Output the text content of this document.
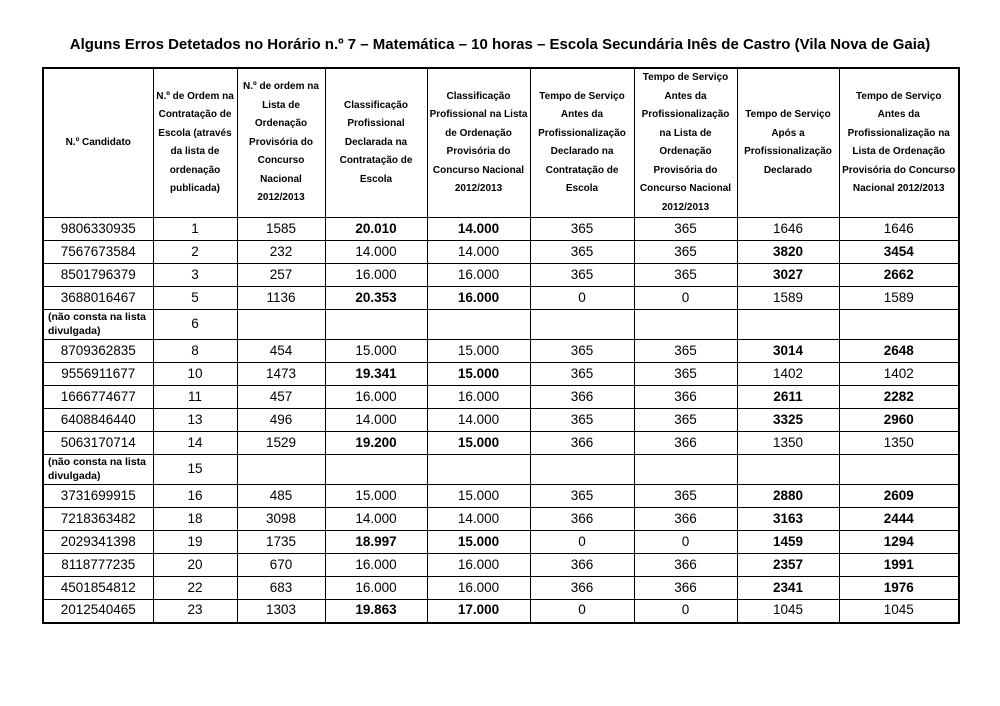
Alguns Erros Detetados no Horário n.º 7 – Matemática – 10 horas – Escola Secundária Inês de Castro (Vila Nova de Gaia)
N.º Candidato	N.º de Ordem na Contratação de Escola (através da lista de ordenação publicada)	N.º de ordem na Lista de Ordenação Provisória do Concurso Nacional 2012/2013	Classificação Profissional Declarada na Contratação de Escola	Classificação Profissional na Lista de Ordenação Provisória do Concurso Nacional 2012/2013	Tempo de Serviço Antes da Profissionalização Declarado na Contratação de Escola	Tempo de Serviço Antes da Profissionalização na Lista de Ordenação Provisória do Concurso Nacional 2012/2013	Tempo de Serviço Após a Profissionalização Declarado	Tempo de Serviço Antes da Profissionalização na Lista de Ordenação Provisória do Concurso Nacional 2012/2013
9806330935	1	1585	20.010	14.000	365	365	1646	1646
7567673584	2	232	14.000	14.000	365	365	3820	3454
8501796379	3	257	16.000	16.000	365	365	3027	2662
3688016467	5	1136	20.353	16.000	0	0	1589	1589
(não consta na lista divulgada)	6							
8709362835	8	454	15.000	15.000	365	365	3014	2648
9556911677	10	1473	19.341	15.000	365	365	1402	1402
1666774677	11	457	16.000	16.000	366	366	2611	2282
6408846440	13	496	14.000	14.000	365	365	3325	2960
5063170714	14	1529	19.200	15.000	366	366	1350	1350
(não consta na lista divulgada)	15							
3731699915	16	485	15.000	15.000	365	365	2880	2609
7218363482	18	3098	14.000	14.000	366	366	3163	2444
2029341398	19	1735	18.997	15.000	0	0	1459	1294
8118777235	20	670	16.000	16.000	366	366	2357	1991
4501854812	22	683	16.000	16.000	366	366	2341	1976
2012540465	23	1303	19.863	17.000	0	0	1045	1045
